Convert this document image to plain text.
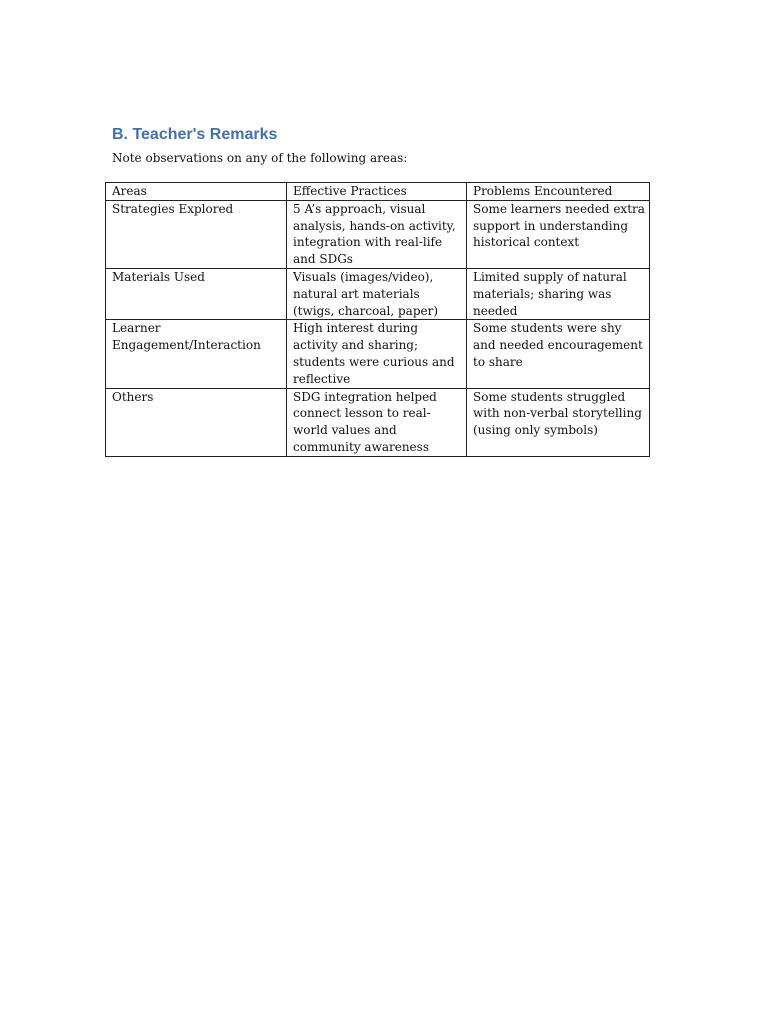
B. Teacher's Remarks

Note observations on any of the following areas:

Areas	Effective Practices	Problems Encountered
Strategies Explored	5 A’s approach, visual analysis, hands-on activity, integration with real-life and SDGs	Some learners needed extra support in understanding historical context
Materials Used	Visuals (images/video), natural art materials (twigs, charcoal, paper)	Limited supply of natural materials; sharing was needed
Learner Engagement/Interaction	High interest during activity and sharing; students were curious and reflective	Some students were shy and needed encouragement to share
Others	SDG integration helped connect lesson to real-world values and community awareness	Some students struggled with non-verbal storytelling (using only symbols)
